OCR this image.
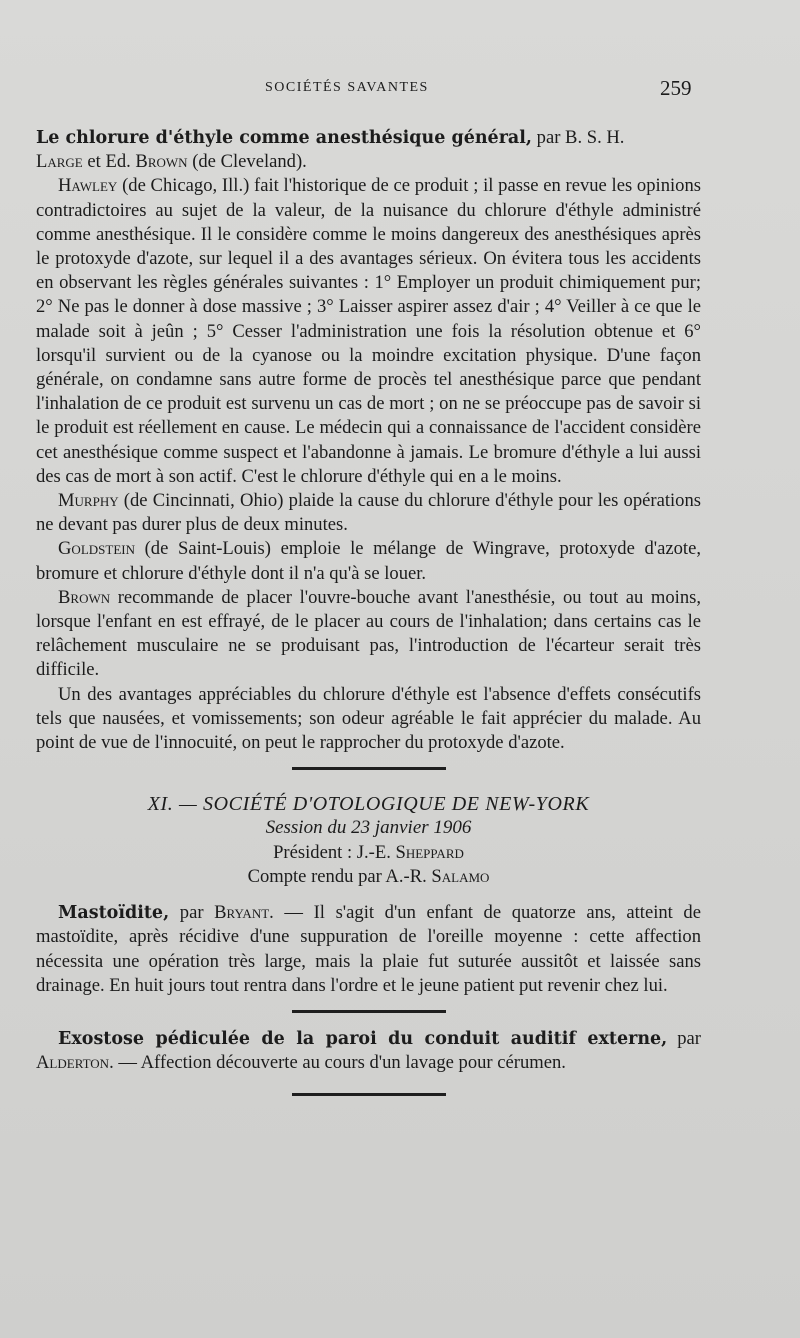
SOCIÉTÉS SAVANTES	259

Le chlorure d'éthyle comme anesthésique général, par B. S. H.
Large et Ed. Brown (de Cleveland).

Hawley (de Chicago, Ill.) fait l'historique de ce produit ; il passe en revue les opinions contradictoires au sujet de la valeur, de la nuisance du chlorure d'éthyle administré comme anesthésique. Il le considère comme le moins dangereux des anesthésiques après le protoxyde d'azote, sur lequel il a des avantages sérieux. On évitera tous les accidents en observant les règles générales suivantes : 1° Employer un produit chimiquement pur; 2° Ne pas le donner à dose massive ; 3° Laisser aspirer assez d'air ; 4° Veiller à ce que le malade soit à jeûn ; 5° Cesser l'administration une fois la résolution obtenue et 6° lorsqu'il survient ou de la cyanose ou la moindre excitation physique. D'une façon générale, on condamne sans autre forme de procès tel anesthésique parce que pendant l'inhalation de ce produit est survenu un cas de mort ; on ne se préoccupe pas de savoir si le produit est réellement en cause. Le médecin qui a connaissance de l'accident considère cet anesthésique comme suspect et l'abandonne à jamais. Le bromure d'éthyle a lui aussi des cas de mort à son actif. C'est le chlorure d'éthyle qui en a le moins.

Murphy (de Cincinnati, Ohio) plaide la cause du chlorure d'éthyle pour les opérations ne devant pas durer plus de deux minutes.

Goldstein (de Saint-Louis) emploie le mélange de Wingrave, protoxyde d'azote, bromure et chlorure d'éthyle dont il n'a qu'à se louer.

Brown recommande de placer l'ouvre-bouche avant l'anesthésie, ou tout au moins, lorsque l'enfant en est effrayé, de le placer au cours de l'inhalation; dans certains cas le relâchement musculaire ne se produisant pas, l'introduction de l'écarteur serait très difficile.

Un des avantages appréciables du chlorure d'éthyle est l'absence d'effets consécutifs tels que nausées, et vomissements; son odeur agréable le fait apprécier du malade. Au point de vue de l'innocuité, on peut le rapprocher du protoxyde d'azote.

XI. — SOCIÉTÉ D'OTOLOGIQUE DE NEW-YORK

Session du 23 janvier 1906

Président : J.-E. Sheppard

Compte rendu par A.-R. Salamo

Mastoïdite, par Bryant. — Il s'agit d'un enfant de quatorze ans, atteint de mastoïdite, après récidive d'une suppuration de l'oreille moyenne : cette affection nécessita une opération très large, mais la plaie fut suturée aussitôt et laissée sans drainage. En huit jours tout rentra dans l'ordre et le jeune patient put revenir chez lui.

Exostose pédiculée de la paroi du conduit auditif externe, par Alderton. — Affection découverte au cours d'un lavage pour cérumen.
